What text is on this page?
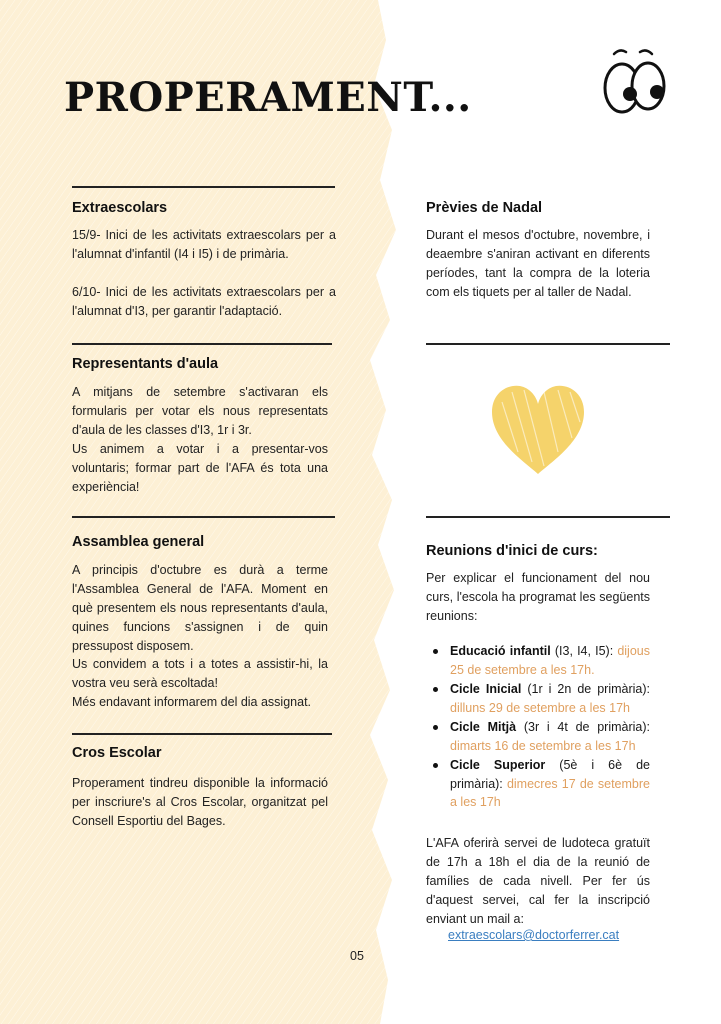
PROPERAMENT...
Extraescolars

15/9- Inici de les activitats extraescolars per a l'alumnat d'infantil (I4 i I5) i de primària.

6/10- Inici de les activitats extraescolars per a l'alumnat d'I3, per garantir l'adaptació.

Representants d'aula

A mitjans de setembre s'activaran els formularis per votar els nous representats d'aula de les classes d'I3, 1r i 3r.

Us animem a votar i a presentar-vos voluntaris; formar part de l'AFA és tota una experiència!

Assamblea general

A principis d'octubre es durà a terme l'Assamblea General de l'AFA. Moment en què presentem els nous representants d'aula, quines funcions s'assignen i de quin pressupost disposem.

Us convidem a tots i a totes a assistir-hi, la vostra veu serà escoltada!

Més endavant informarem del dia assignat.

Cros Escolar

Properament tindreu disponible la informació per inscriure's al Cros Escolar, organitzat pel Consell Esportiu del Bages.

Prèvies de Nadal

Durant el mesos d'octubre, novembre, i deaembre s'aniran activant en diferents períodes, tant la compra de la loteria com els tiquets per al taller de Nadal.

Reunions d'inici de curs:

Per explicar el funcionament del nou curs, l'escola ha programat les següents reunions:

Educació infantil (I3, I4, I5): dijous 25 de setembre a les 17h.
Cicle Inicial (1r i 2n de primària): dilluns 29 de setembre a les 17h
Cicle Mitjà (3r i 4t de primària): dimarts 16 de setembre a les 17h
Cicle Superior (5è i 6è de primària): dimecres 17 de setembre a les 17h

L'AFA oferirà servei de ludoteca gratuït de 17h a 18h el dia de la reunió de famílies de cada nivell. Per fer ús d'aquest servei, cal fer la inscripció enviant un mail a:

extraescolars@doctorferrer.cat
05
